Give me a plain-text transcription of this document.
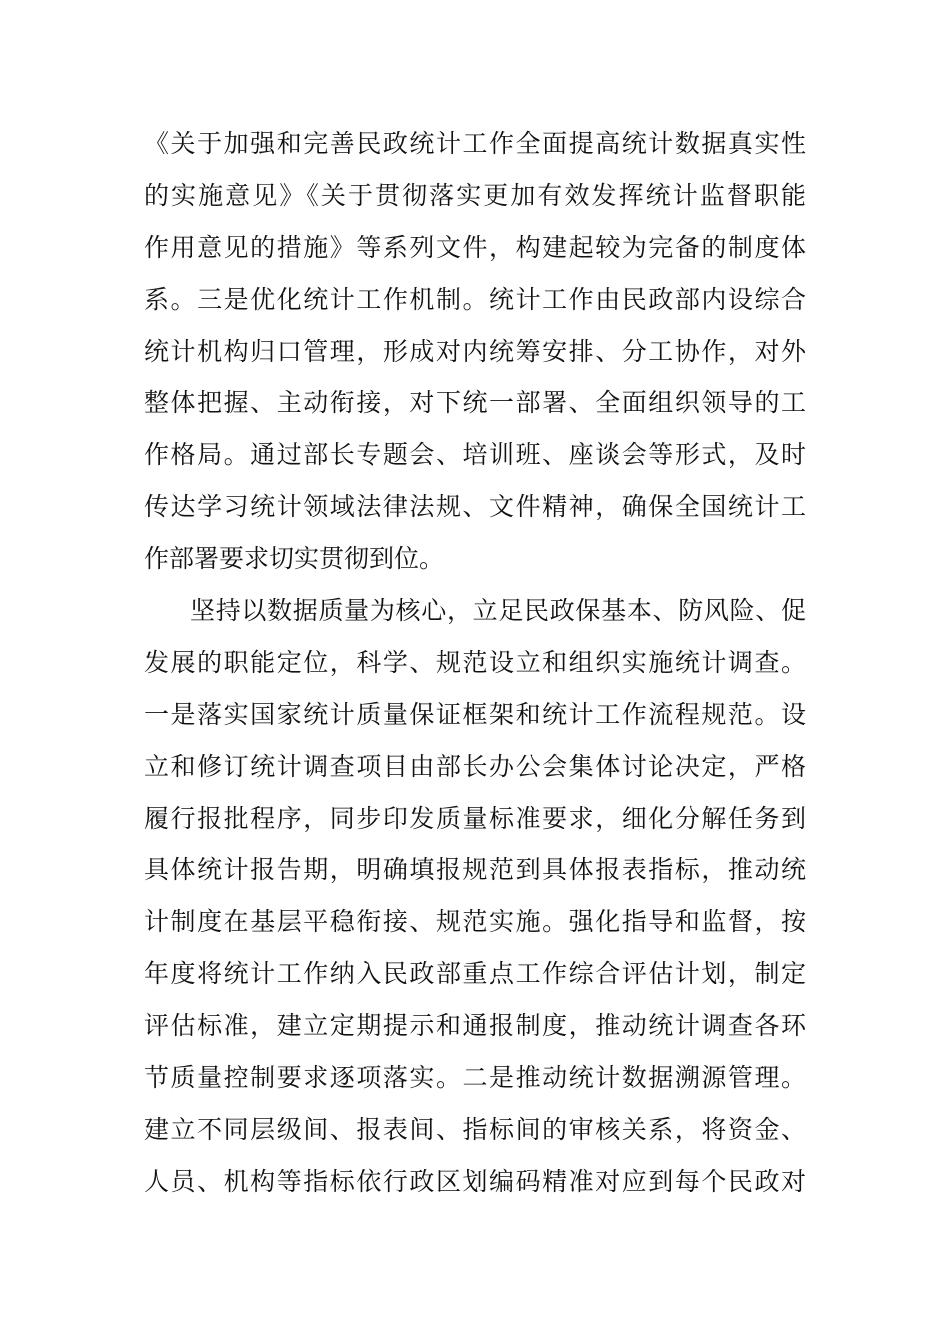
《关于加强和完善民政统计工作全面提高统计数据真实性
的实施意见》《关于贯彻落实更加有效发挥统计监督职能
作用意见的措施》等系列文件，构建起较为完备的制度体
系。三是优化统计工作机制。统计工作由民政部内设综合
统计机构归口管理，形成对内统筹安排、分工协作，对外
整体把握、主动衔接，对下统一部署、全面组织领导的工
作格局。通过部长专题会、培训班、座谈会等形式，及时
传达学习统计领域法律法规、文件精神，确保全国统计工
作部署要求切实贯彻到位。
坚持以数据质量为核心，立足民政保基本、防风险、促
发展的职能定位，科学、规范设立和组织实施统计调查。
一是落实国家统计质量保证框架和统计工作流程规范。设
立和修订统计调查项目由部长办公会集体讨论决定，严格
履行报批程序，同步印发质量标准要求，细化分解任务到
具体统计报告期，明确填报规范到具体报表指标，推动统
计制度在基层平稳衔接、规范实施。强化指导和监督，按
年度将统计工作纳入民政部重点工作综合评估计划，制定
评估标准，建立定期提示和通报制度，推动统计调查各环
节质量控制要求逐项落实。二是推动统计数据溯源管理。
建立不同层级间、报表间、指标间的审核关系，将资金、
人员、机构等指标依行政区划编码精准对应到每个民政对
